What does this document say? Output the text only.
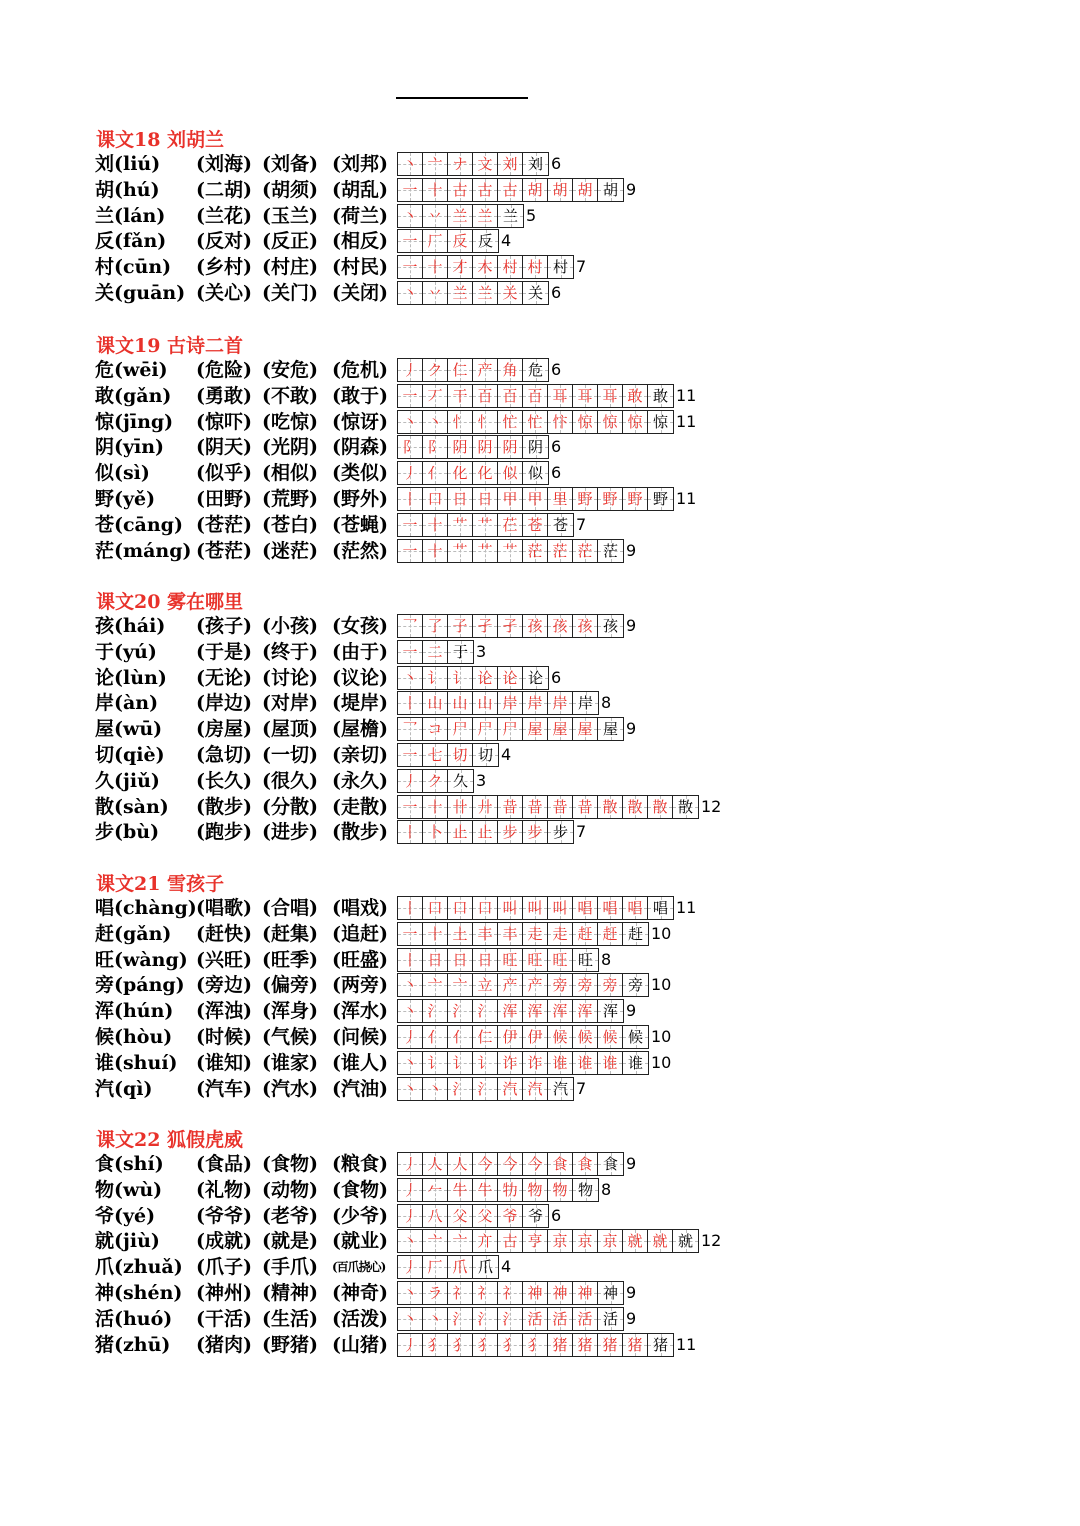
课文18 刘胡兰
刘(liú) (刘海) (刘备) (刘邦) 丶 亠 ナ 文 刘 刘 6
胡(hú) (二胡) (胡须) (胡乱) 一 十 古 古 古 胡 胡 胡 胡 9
兰(lán) (兰花) (玉兰) (荷兰) 丶 丷 兰 兰 兰 5
反(fǎn) (反对) (反正) (相反) 一 厂 反 反 4
村(cūn) (乡村) (村庄) (村民) 一 十 才 木 村 村 村 7
关(guān) (关心) (关门) (关闭) 丶 丷 兰 兰 关 关 6
课文19 古诗二首
危(wēi) (危险) (安危) (危机) 丿 ク 仁 产 角 危 6
敢(gǎn) (勇敢) (不敢) (敢于) 一 丆 干 百 百 百 耳 耳 耳 敢 敢 11
惊(jīng) (惊吓) (吃惊) (惊讶) 丶 丶 忄 忄 忙 忙 忭 惊 惊 惊 惊 11
阴(yīn) (阴天) (光阴) (阴森) 阝 阝 阴 阴 阴 阴 6
似(sì) (似乎) (相似) (类似) 丿 亻 化 化 似 似 6
野(yě) (田野) (荒野) (野外) 丨 口 日 日 甲 甲 里 野 野 野 野 11
苍(cāng) (苍茫) (苍白) (苍蝇) 一 十 艹 艹 芢 苍 苍 7
茫(máng) (苍茫) (迷茫) (茫然) 一 十 艹 艹 艹 茫 茫 茫 茫 9
课文20 雾在哪里
孩(hái) (孩子) (小孩) (女孩) 乛 了 子 孑 孑 孩 孩 孩 孩 9
于(yú) (于是) (终于) (由于) 一 二 于 3
论(lùn) (无论) (讨论) (议论) 丶 讠 讠 论 论 论 6
岸(àn) (岸边) (对岸) (堤岸) 丨 山 山 山 岸 岸 岸 岸 8
屋(wū) (房屋) (屋顶) (屋檐) 乛 コ 尸 尸 尸 屋 屋 屋 屋 9
切(qiè) (急切) (一切) (亲切) 一 七 切 切 4
久(jiǔ) (长久) (很久) (永久) 丿 ク 久 3
散(sàn) (散步) (分散) (走散) 一 十 卄 廾 昔 昔 昔 昔 散 散 散 散 12
步(bù) (跑步) (进步) (散步) 丨 卜 止 止 步 步 步 7
课文21 雪孩子
唱(chàng) (唱歌) (合唱) (唱戏) 丨 口 口 口 叫 叫 叫 唱 唱 唱 唱 11
赶(gǎn) (赶快) (赶集) (追赶) 一 十 土 丰 丰 走 走 赶 赶 赶 10
旺(wàng) (兴旺) (旺季) (旺盛) 丨 日 日 日 旺 旺 旺 旺 8
旁(páng) (旁边) (偏旁) (两旁) 丶 亠 亠 立 产 产 旁 旁 旁 旁 10
浑(hún) (浑浊) (浑身) (浑水) 丶 氵 氵 氵 浑 浑 浑 浑 浑 9
候(hòu) (时候) (气候) (问候) 丿 亻 亻 仁 伊 伊 候 候 候 候 10
谁(shuí) (谁知) (谁家) (谁人) 丶 讠 讠 讠 诈 诈 谁 谁 谁 谁 10
汽(qì) (汽车) (汽水) (汽油) 丶 丶 氵 氵 汽 汽 汽 7
课文22 狐假虎威
食(shí) (食品) (食物) (粮食) 丿 人 人 今 今 今 食 食 食 9
物(wù) (礼物) (动物) (食物) 丿 𠂉 牛 牛 牞 物 物 物 8
爷(yé) (爷爷) (老爷) (少爷) 丿 八 父 父 爷 爷 6
就(jiù) (成就) (就是) (就业) 丶 亠 亠 亣 古 亨 京 京 京 就 就 就 12
爪(zhuǎ) (爪子) (手爪) (百爪挠心) 丿 厂 爪 爪 4
神(shén) (神州) (精神) (神奇) 丶 ラ 礻 礻 礻 神 神 神 神 9
活(huó) (干活) (生活) (活泼) 丶 丶 氵 氵 氵 活 活 活 活 9
猪(zhū) (猪肉) (野猪) (山猪) 丿 犭 犭 犭 犭 犭 猪 猪 猪 猪 猪 11
